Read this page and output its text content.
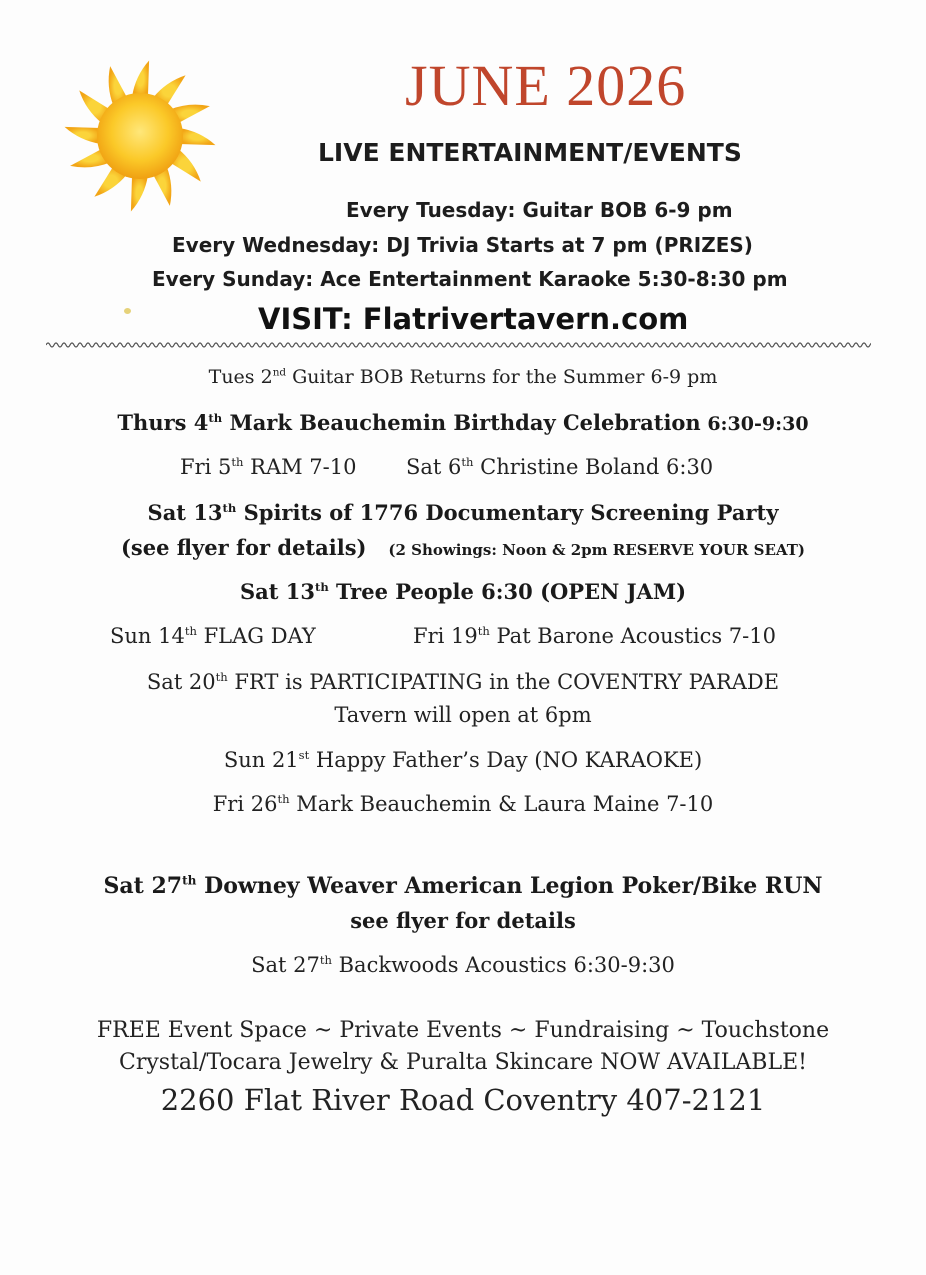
JUNE 2026
LIVE ENTERTAINMENT/EVENTS
Every Tuesday: Guitar BOB 6-9 pm
Every Wednesday: DJ Trivia Starts at 7 pm (PRIZES)
Every Sunday: Ace Entertainment Karaoke 5:30-8:30 pm
VISIT: Flatrivertavern.com
Tues 2nd Guitar BOB Returns for the Summer 6-9 pm
Thurs 4th Mark Beauchemin Birthday Celebration 6:30-9:30
Fri 5th RAM 7-10 Sat 6th Christine Boland 6:30
Sat 13th Spirits of 1776 Documentary Screening Party
(see flyer for details) (2 Showings: Noon & 2pm RESERVE YOUR SEAT)
Sat 13th Tree People 6:30 (OPEN JAM)
Sun 14th FLAG DAY	Fri 19th Pat Barone Acoustics 7-10
Sat 20th FRT is PARTICIPATING in the COVENTRY PARADE
Tavern will open at 6pm
Sun 21st Happy Father’s Day (NO KARAOKE)
Fri 26th Mark Beauchemin & Laura Maine 7-10
Sat 27th Downey Weaver American Legion Poker/Bike RUN
see flyer for details
Sat 27th Backwoods Acoustics 6:30-9:30
FREE Event Space ~ Private Events ~ Fundraising ~ Touchstone
Crystal/Tocara Jewelry & Puralta Skincare NOW AVAILABLE!
2260 Flat River Road Coventry 407-2121
